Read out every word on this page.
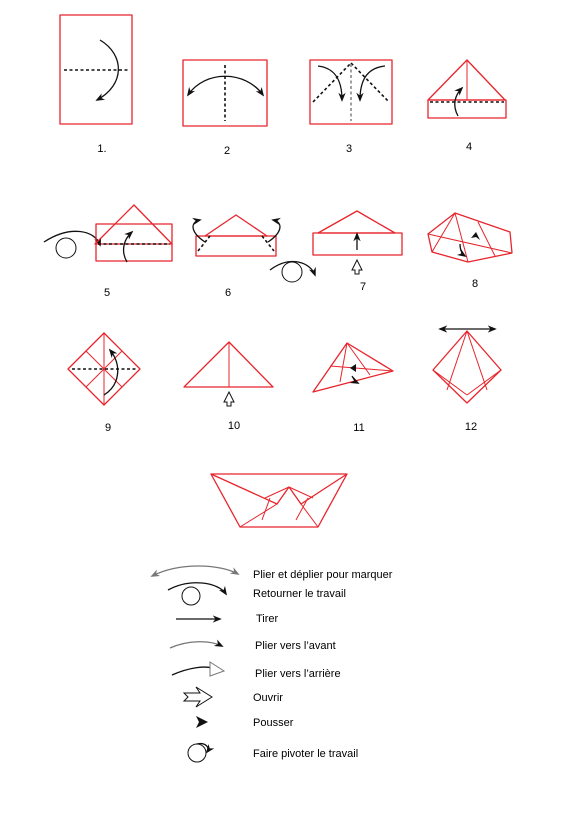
1.	2	3	4
5	6	7	8
9	10	11	12
Plier et déplier pour marquer
Retourner le travail
Tirer
Plier vers l’avant
Plier vers l’arrière
Ouvrir
Pousser
Faire pivoter le travail
